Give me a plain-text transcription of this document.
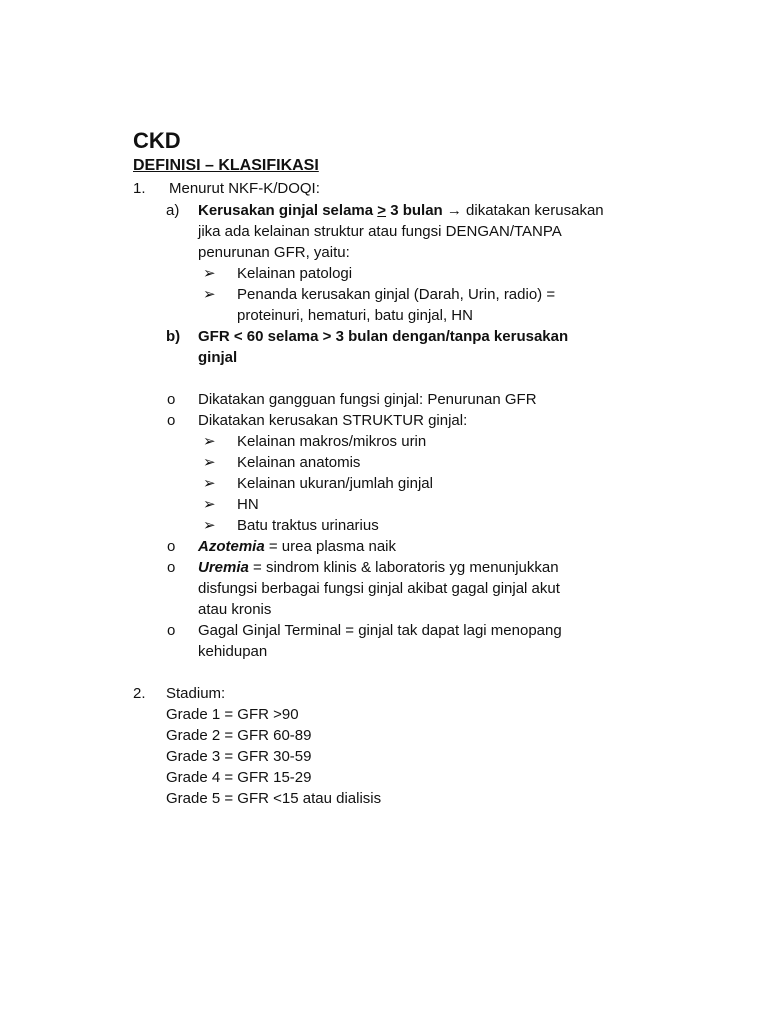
CKD
DEFINISI – KLASIFIKASI
1. Menurut NKF-K/DOQI:
a) Kerusakan ginjal selama ≥ 3 bulan → dikatakan kerusakan
jika ada kelainan struktur atau fungsi DENGAN/TANPA
penurunan GFR, yaitu:
➢ Kelainan patologi
➢ Penanda kerusakan ginjal (Darah, Urin, radio) =
proteinuri, hematuri, batu ginjal, HN
b) GFR < 60 selama > 3 bulan dengan/tanpa kerusakan
ginjal
o Dikatakan gangguan fungsi ginjal: Penurunan GFR
o Dikatakan kerusakan STRUKTUR ginjal:
➢ Kelainan makros/mikros urin
➢ Kelainan anatomis
➢ Kelainan ukuran/jumlah ginjal
➢ HN
➢ Batu traktus urinarius
o Azotemia = urea plasma naik
o Uremia = sindrom klinis & laboratoris yg menunjukkan
disfungsi berbagai fungsi ginjal akibat gagal ginjal akut
atau kronis
o Gagal Ginjal Terminal = ginjal tak dapat lagi menopang
kehidupan
2. Stadium:
Grade 1 = GFR >90
Grade 2 = GFR 60-89
Grade 3 = GFR 30-59
Grade 4 = GFR 15-29
Grade 5 = GFR <15 atau dialisis
